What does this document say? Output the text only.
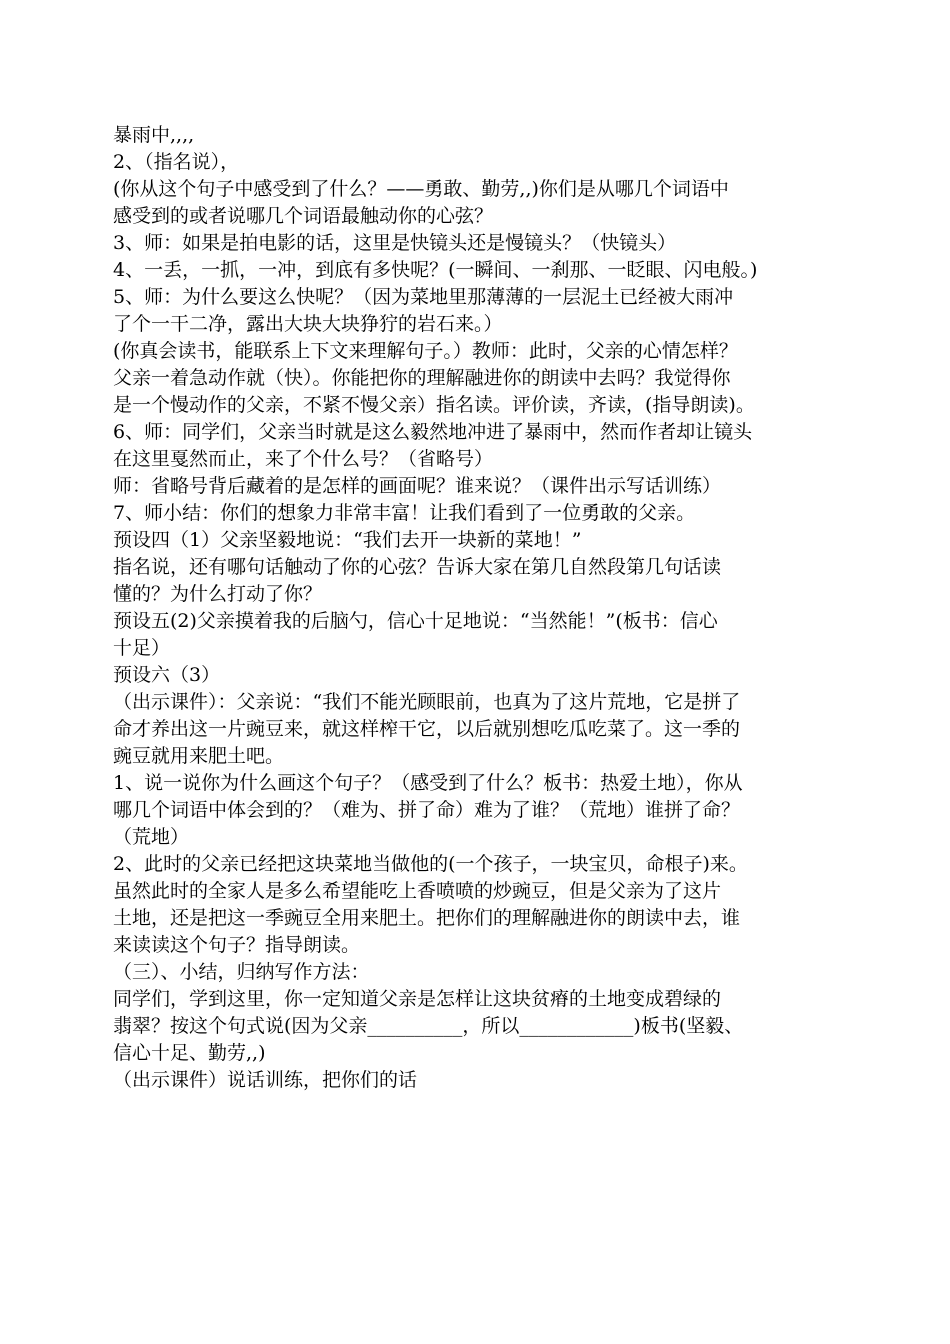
暴雨中,,,,
2、（指名说），
(你从这个句子中感受到了什么？——勇敢、勤劳,,)你们是从哪几个词语中
感受到的或者说哪几个词语最触动你的心弦？
3、师：如果是拍电影的话，这里是快镜头还是慢镜头？（快镜头）
4、一丢，一抓，一冲，到底有多快呢？(一瞬间、一刹那、一眨眼、闪电般。)
5、师：为什么要这么快呢？（因为菜地里那薄薄的一层泥土已经被大雨冲
了个一干二净，露出大块大块狰狞的岩石来。）
(你真会读书，能联系上下文来理解句子。）教师：此时，父亲的心情怎样？
父亲一着急动作就（快）。你能把你的理解融进你的朗读中去吗？我觉得你
是一个慢动作的父亲，不紧不慢父亲）指名读。评价读，齐读，(指导朗读)。
6、师：同学们，父亲当时就是这么毅然地冲进了暴雨中，然而作者却让镜头
在这里戛然而止，来了个什么号？（省略号）
师：省略号背后藏着的是怎样的画面呢？谁来说？（课件出示写话训练）
7、师小结：你们的想象力非常丰富！让我们看到了一位勇敢的父亲。
预设四（1）父亲坚毅地说：“我们去开一块新的菜地！”
指名说，还有哪句话触动了你的心弦？告诉大家在第几自然段第几句话读
懂的？为什么打动了你？
预设五(2)父亲摸着我的后脑勺，信心十足地说：“当然能！”(板书：信心
十足）
预设六（3）
（出示课件）：父亲说：“我们不能光顾眼前，也真为了这片荒地，它是拼了
命才养出这一片豌豆来，就这样榨干它，以后就别想吃瓜吃菜了。这一季的
豌豆就用来肥土吧。
1、说一说你为什么画这个句子？（感受到了什么？板书：热爱土地），你从
哪几个词语中体会到的？（难为、拼了命）难为了谁？（荒地）谁拼了命？
（荒地）
2、此时的父亲已经把这块菜地当做他的(一个孩子，一块宝贝，命根子)来。
虽然此时的全家人是多么希望能吃上香喷喷的炒豌豆，但是父亲为了这片
土地，还是把这一季豌豆全用来肥土。把你们的理解融进你的朗读中去，谁
来读读这个句子？指导朗读。
（三）、小结，归纳写作方法：
同学们，学到这里，你一定知道父亲是怎样让这块贫瘠的土地变成碧绿的
翡翠？按这个句式说(因为父亲__________，所以____________)板书(坚毅、
信心十足、勤劳,,)
（出示课件）说话训练，把你们的话
